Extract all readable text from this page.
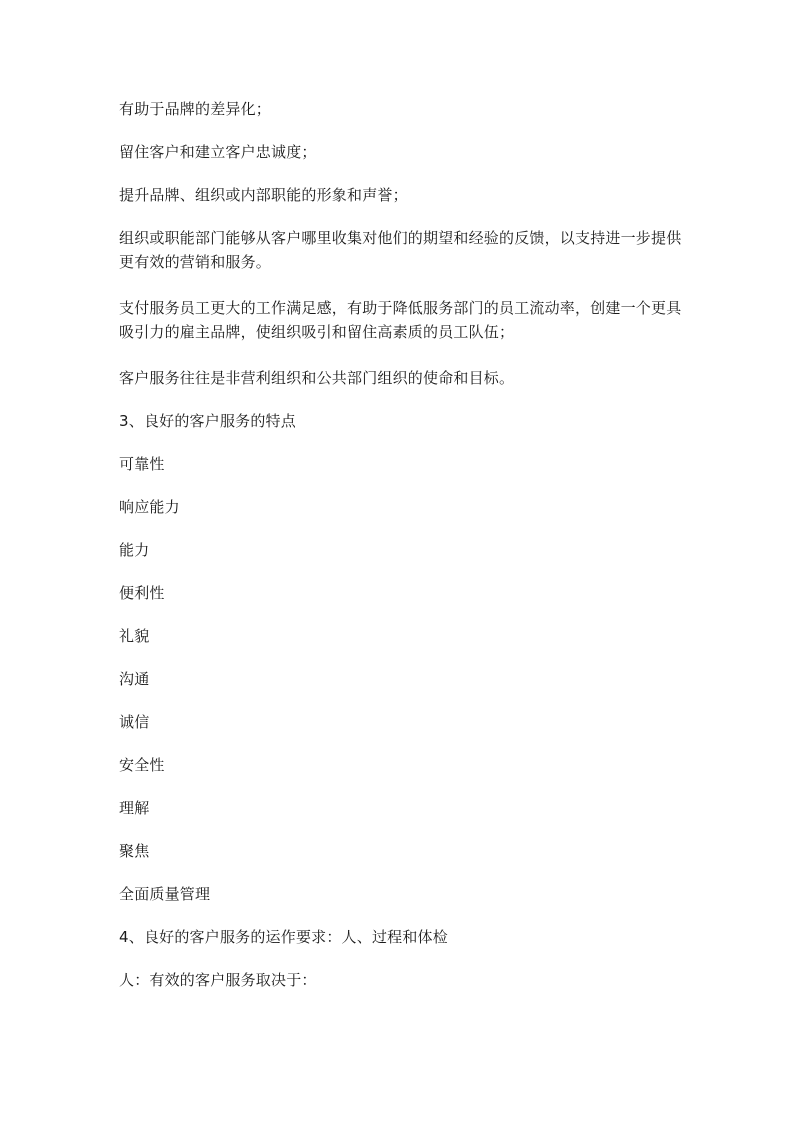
有助于品牌的差异化；
留住客户和建立客户忠诚度；
提升品牌、组织或内部职能的形象和声誉；
组织或职能部门能够从客户哪里收集对他们的期望和经验的反馈，以支持进一步提供更有效的营销和服务。
支付服务员工更大的工作满足感，有助于降低服务部门的员工流动率，创建一个更具吸引力的雇主品牌，使组织吸引和留住高素质的员工队伍；
客户服务往往是非营利组织和公共部门组织的使命和目标。
3、良好的客户服务的特点
可靠性
响应能力
能力
便利性
礼貌
沟通
诚信
安全性
理解
聚焦
全面质量管理
4、良好的客户服务的运作要求：人、过程和体检
人：有效的客户服务取决于：
